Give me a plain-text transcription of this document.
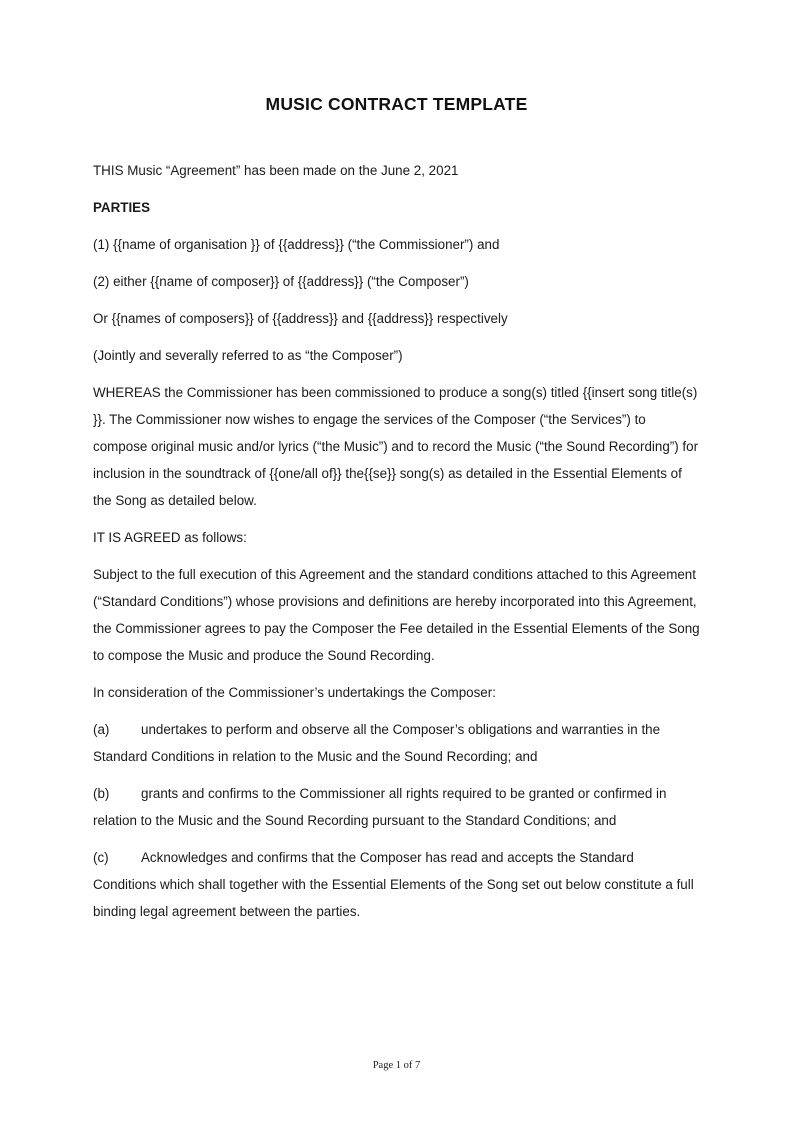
MUSIC CONTRACT TEMPLATE

THIS Music “Agreement” has been made on the June 2, 2021

PARTIES

(1) {{name of organisation }} of {{address}} (“the Commissioner”) and

(2) either {{name of composer}} of {{address}} (“the Composer”)

Or {{names of composers}} of {{address}} and {{address}} respectively

(Jointly and severally referred to as “the Composer”)

WHEREAS the Commissioner has been commissioned to produce a song(s) titled {{insert song title(s) }}. The Commissioner now wishes to engage the services of the Composer (“the Services”) to compose original music and/or lyrics (“the Music”) and to record the Music (“the Sound Recording”) for inclusion in the soundtrack of {{one/all of}} the{{se}} song(s) as detailed in the Essential Elements of the Song as detailed below.

IT IS AGREED as follows:

Subject to the full execution of this Agreement and the standard conditions attached to this Agreement (“Standard Conditions”) whose provisions and definitions are hereby incorporated into this Agreement, the Commissioner agrees to pay the Composer the Fee detailed in the Essential Elements of the Song to compose the Music and produce the Sound Recording.

In consideration of the Commissioner’s undertakings the Composer:

(a) undertakes to perform and observe all the Composer’s obligations and warranties in the Standard Conditions in relation to the Music and the Sound Recording; and

(b) grants and confirms to the Commissioner all rights required to be granted or confirmed in relation to the Music and the Sound Recording pursuant to the Standard Conditions; and

(c) Acknowledges and confirms that the Composer has read and accepts the Standard Conditions which shall together with the Essential Elements of the Song set out below constitute a full binding legal agreement between the parties.

Page 1 of 7
